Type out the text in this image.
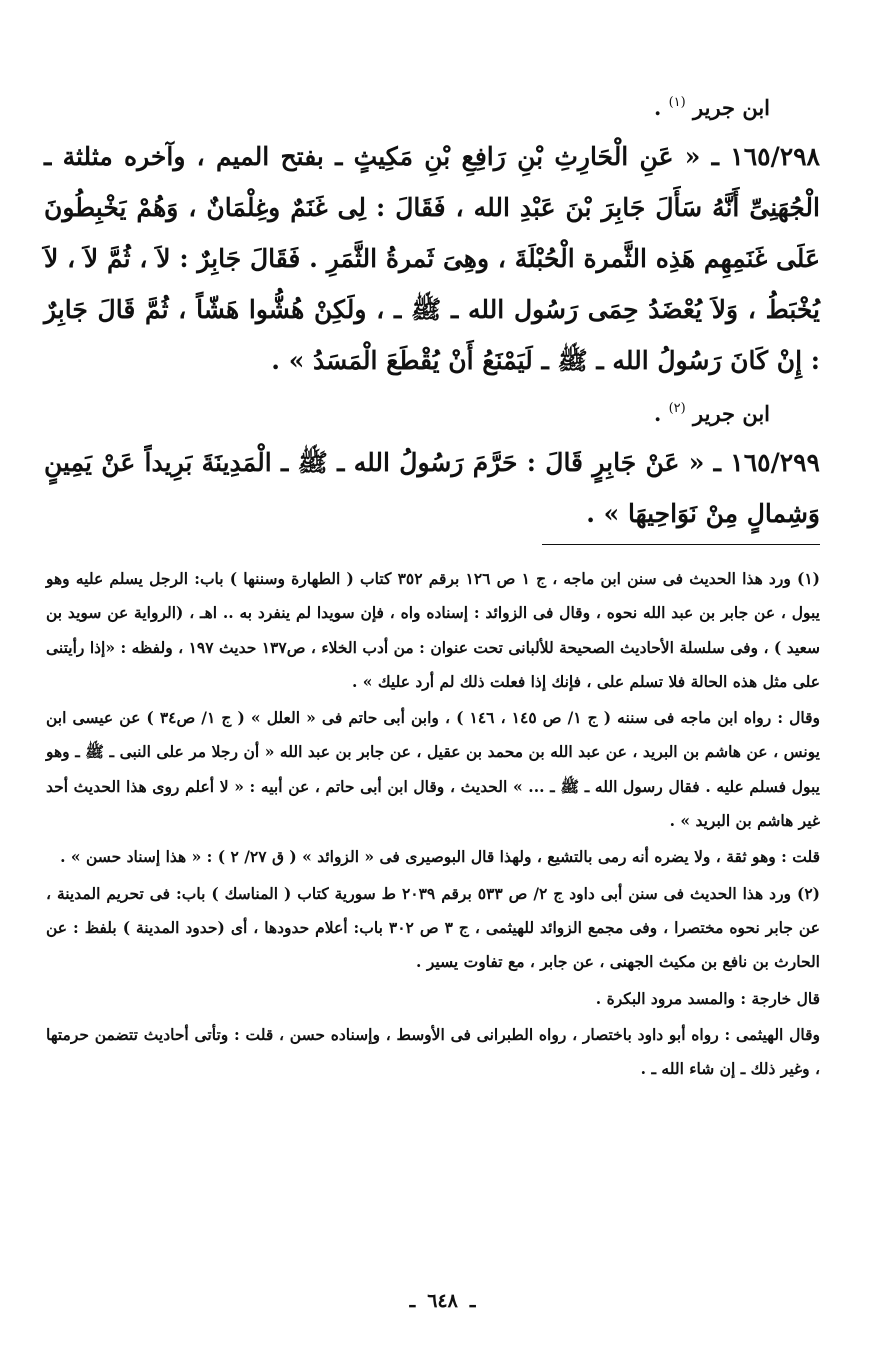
ابن جرير $^{(١)}$ .

١٦٥/٢٩٨ ـ « عَنِ الْحَارِثِ بْنِ رَافِعِ بْنِ مَكِيثٍ ـ بفتح الميم ، وآخره مثلثة ـ الْجُهَنِىِّ أَنَّهُ سَأَلَ جَابِرَ بْنَ عَبْدِ الله ، فَقَالَ : لِى غَنَمٌ وغِلْمَانٌ ، وَهُمْ يَخْبِطُونَ عَلَى غَنَمِهِم هَذِه الثَّمرة الْحُبْلَةَ ، وهِىَ ثَمرةُ الثَّمَرِ . فَقَالَ جَابِرٌ : لاَ ، ثُمَّ لاَ ، لاَ يُخْبَطُ ، وَلاَ يُعْضَدُ حِمَى رَسُول الله ـ ﷺ ـ ، ولَكِنْ هُشُّوا هَشّاً ، ثُمَّ قَالَ جَابِرٌ : إِنْ كَانَ رَسُولُ الله ـ ﷺ ـ لَيَمْنَعُ أَنْ يُقْطَعَ الْمَسَدُ » .

ابن جرير $^{(٢)}$ .

١٦٥/٢٩٩ ـ « عَنْ جَابِرٍ قَالَ : حَرَّمَ رَسُولُ الله ـ ﷺ ـ الْمَدِينَةَ بَرِيداً عَنْ يَمِينٍ وَشِمالٍ مِنْ نَوَاحِيهَا » .

(١) ورد هذا الحديث فى سنن ابن ماجه ، ج ١ ص ١٢٦ برقم ٣٥٢ كتاب ( الطهارة وسننها ) باب: الرجل يسلم عليه وهو يبول ، عن جابر بن عبد الله نحوه ، وقال فى الزوائد : إسناده واه ، فإن سويدا لم ينفرد به .. اهـ ، (الرواية عن سويد بن سعيد ) ، وفى سلسلة الأحاديث الصحيحة للألبانى تحت عنوان : من أدب الخلاء ، ص١٣٧ حديث ١٩٧ ، ولفظه : «إذا رأيتنى على مثل هذه الحالة فلا تسلم على ، فإنك إذا فعلت ذلك لم أرد عليك » .

وقال : رواه ابن ماجه فى سننه ( ج ١/ ص ١٤٥ ، ١٤٦ ) ، وابن أبى حاتم فى « العلل » ( ج ١/ ص٣٤ ) عن عيسى ابن يونس ، عن هاشم بن البريد ، عن عبد الله بن محمد بن عقيل ، عن جابر بن عبد الله « أن رجلا مر على النبى ـ ﷺ ـ وهو يبول فسلم عليه . فقال رسول الله ـ ﷺ ـ ... » الحديث ، وقال ابن أبى حاتم ، عن أبيه : « لا أعلم روى هذا الحديث أحد غير هاشم بن البريد » .

قلت : وهو ثقة ، ولا يضره أنه رمى بالتشيع ، ولهذا قال البوصيرى فى « الزوائد » ( ق ٢٧/ ٢ ) : « هذا إسناد حسن » .

(٢) ورد هذا الحديث فى سنن أبى داود ج ٢/ ص ٥٣٣ برقم ٢٠٣٩ ط سورية كتاب ( المناسك ) باب: فى تحريم المدينة ، عن جابر نحوه مختصرا ، وفى مجمع الزوائد للهيثمى ، ج ٣ ص ٣٠٢ باب: أعلام حدودها ، أى (حدود المدينة ) بلفظ : عن الحارث بن نافع بن مكيث الجهنى ، عن جابر ، مع تفاوت يسير .

قال خارجة : والمسد مرود البكرة .

وقال الهيثمى : رواه أبو داود باختصار ، رواه الطبرانى فى الأوسط ، وإسناده حسن ، قلت : وتأتى أحاديث تتضمن حرمتها ، وغير ذلك ـ إن شاء الله ـ .

ـ٦٤٨ـ
